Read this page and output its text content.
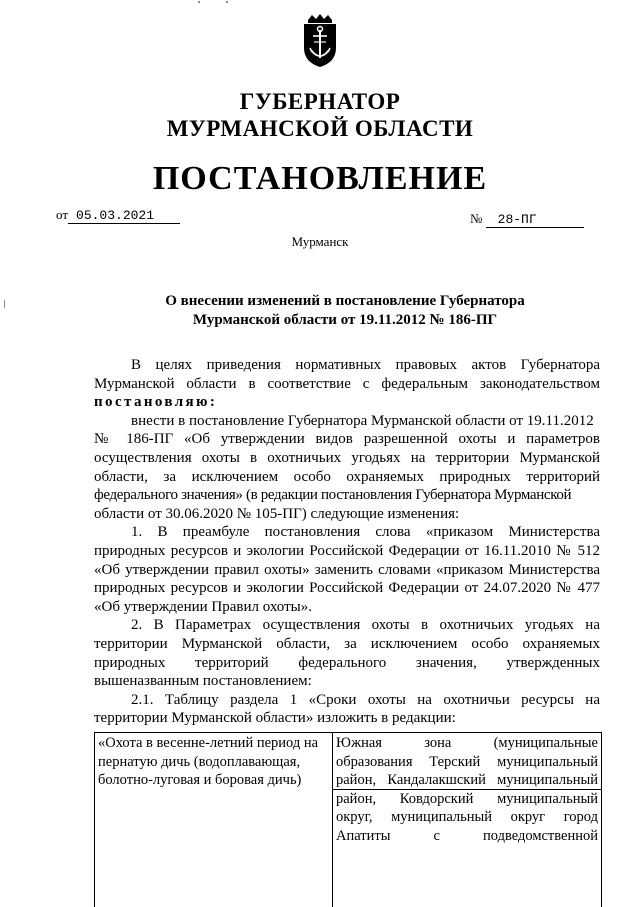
ГУБЕРНАТОР
МУРМАНСКОЙ ОБЛАСТИ
ПОСТАНОВЛЕНИЕ
от 05.03.2021	№ 28-ПГ
Мурманск
О внесении изменений в постановление Губернатора
Мурманской области от 19.11.2012 № 186-ПГ
В целях приведения нормативных правовых актов Губернатора
Мурманской области в соответствие с федеральным законодательством
постановляю:
внести в постановление Губернатора Мурманской области от 19.11.2012
№ 186-ПГ «Об утверждении видов разрешенной охоты и параметров
осуществления охоты в охотничьих угодьях на территории Мурманской
области, за исключением особо охраняемых природных территорий
федерального значения» (в редакции постановления Губернатора Мурманской
области от 30.06.2020 № 105-ПГ) следующие изменения:
1. В преамбуле постановления слова «приказом Министерства
природных ресурсов и экологии Российской Федерации от 16.11.2010 № 512
«Об утверждении правил охоты» заменить словами «приказом Министерства
природных ресурсов и экологии Российской Федерации от 24.07.2020 № 477
«Об утверждении Правил охоты».
2. В Параметрах осуществления охоты в охотничьих угодьях на
территории Мурманской области, за исключением особо охраняемых
природных территорий федерального значения, утвержденных
вышеназванным постановлением:
2.1. Таблицу раздела 1 «Сроки охоты на охотничьи ресурсы на
территории Мурманской области» изложить в редакции:
«Охота в весенне-летний период на
пернатую дичь (водоплавающая,
болотно-луговая и боровая дичь)
Южная зона (муниципальные
образования Терский муниципальный
район, Кандалакшский муниципальный
район, Ковдорский муниципальный
округ, муниципальный округ город
Апатиты с подведомственной
